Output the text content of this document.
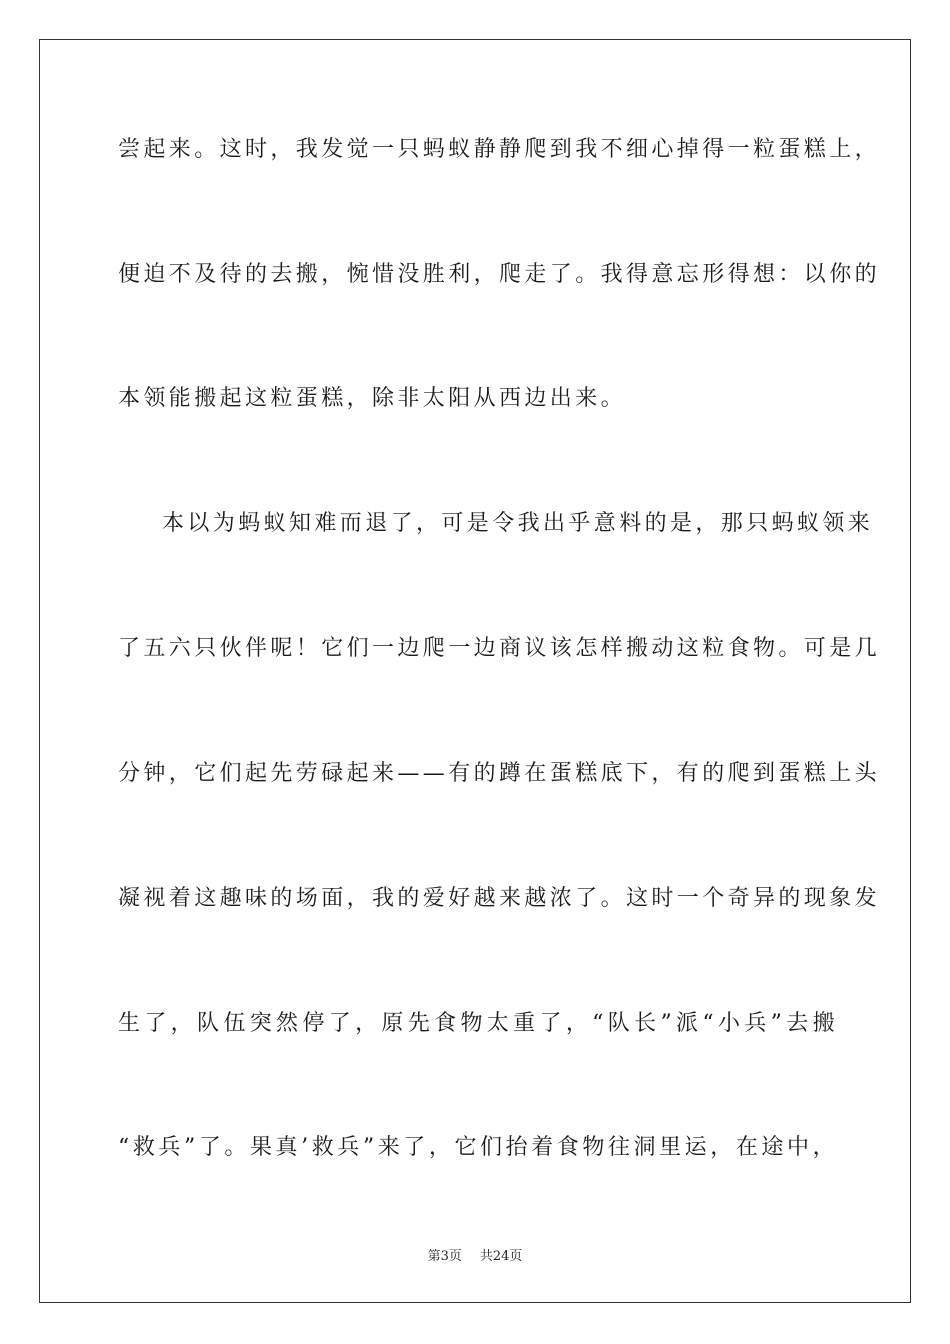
尝起来。这时，我发觉一只蚂蚁静静爬到我不细心掉得一粒蛋糕上，
便迫不及待的去搬，惋惜没胜利，爬走了。我得意忘形得想：以你的
本领能搬起这粒蛋糕，除非太阳从西边出来。
本以为蚂蚁知难而退了，可是令我出乎意料的是，那只蚂蚁领来
了五六只伙伴呢！它们一边爬一边商议该怎样搬动这粒食物。可是几
分钟，它们起先劳碌起来——有的蹲在蛋糕底下，有的爬到蛋糕上头
凝视着这趣味的场面，我的爱好越来越浓了。这时一个奇异的现象发
生了，队伍突然停了，原先食物太重了，“队长”派“小兵”去搬
“救兵”了。果真’救兵”来了，它们抬着食物往洞里运，在途中，
第3页 共24页
